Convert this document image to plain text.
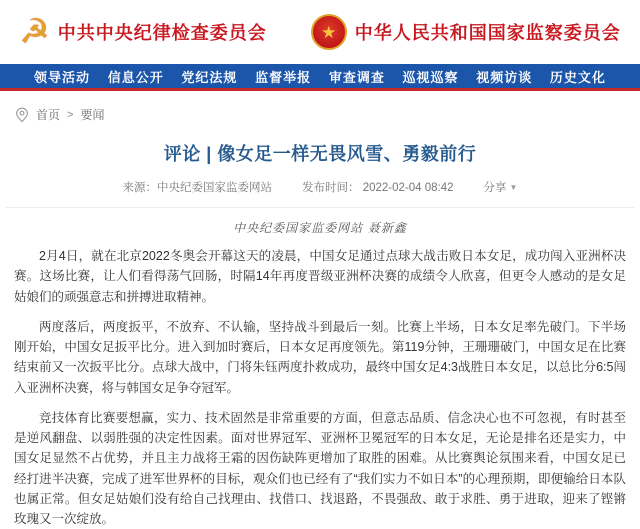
☭ 中共中央纪律检查委员会	★ 中华人民共和国国家监察委员会
领导活动 信息公开 党纪法规 监督举报 审查调查 巡视巡察 视频访谈 历史文化
首页 > 要闻
评论 | 像女足一样无畏风雪、勇毅前行
来源：中央纪委国家监委网站	发布时间： 2022-02-04 08:42	分享 ▼
中央纪委国家监委网站 聂新鑫

2月4日，就在北京2022冬奥会开幕这天的凌晨，中国女足通过点球大战击败日本女足，成功闯入亚洲杯决赛。这场比赛，让人们看得荡气回肠，时隔14年再度晋级亚洲杯决赛的成绩令人欣喜，但更令人感动的是女足姑娘们的顽强意志和拼搏进取精神。

两度落后，两度扳平，不放弃、不认输，坚持战斗到最后一刻。比赛上半场，日本女足率先破门。下半场刚开始，中国女足扳平比分。进入到加时赛后，日本女足再度领先。第119分钟，王珊珊破门，中国女足在比赛结束前又一次扳平比分。点球大战中，门将朱钰两度扑救成功，最终中国女足4:3战胜日本女足，以总比分6:5闯入亚洲杯决赛，将与韩国女足争夺冠军。

竞技体育比赛要想赢，实力、技术固然是非常重要的方面，但意志品质、信念决心也不可忽视，有时甚至是逆风翻盘、以弱胜强的决定性因素。面对世界冠军、亚洲杯卫冕冠军的日本女足，无论是排名还是实力，中国女足显然不占优势，并且主力战将王霜的因伤缺阵更增加了取胜的困难。从比赛舆论氛围来看，中国女足已经打进半决赛，完成了进军世界杯的目标，观众们也已经有了“我们实力不如日本”的心理预期，即便输给日本队也属正常。但女足姑娘们没有给自己找理由、找借口、找退路，不畏强敌、敢于求胜、勇于进取，迎来了铿锵玫瑰又一次绽放。
